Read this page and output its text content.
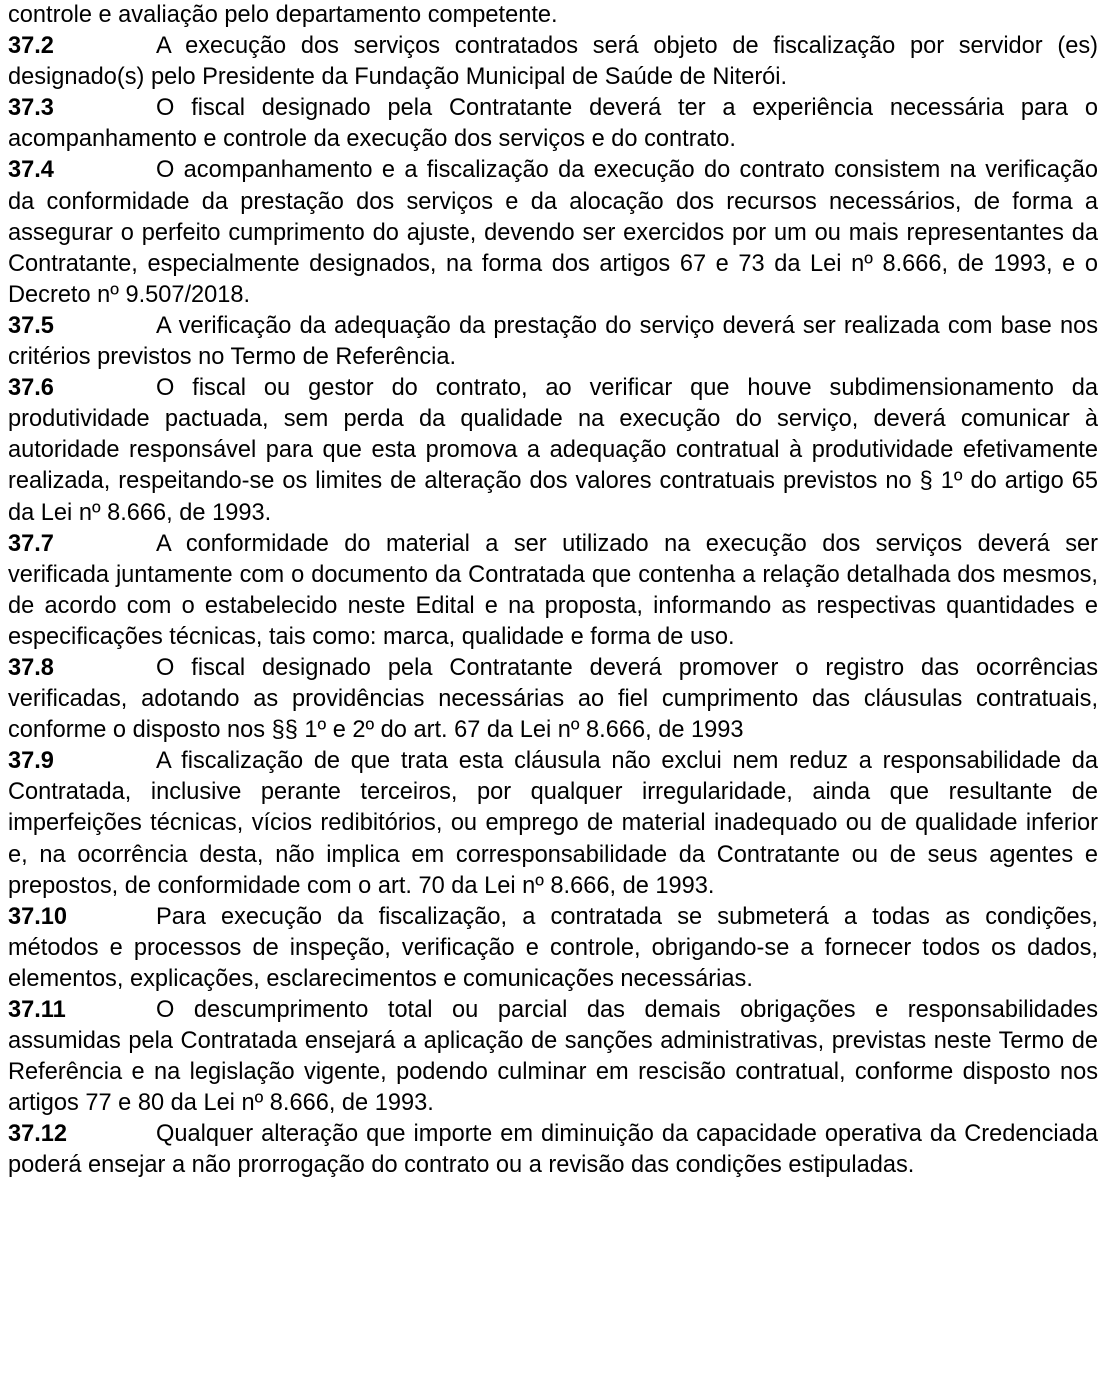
controle e avaliação pelo departamento competente.

37.2	A execução dos serviços contratados será objeto de fiscalização por servidor (es) designado(s) pelo Presidente da Fundação Municipal de Saúde de Niterói.

37.3	O fiscal designado pela Contratante deverá ter a experiência necessária para o acompanhamento e controle da execução dos serviços e do contrato.

37.4	O acompanhamento e a fiscalização da execução do contrato consistem na verificação da conformidade da prestação dos serviços e da alocação dos recursos necessários, de forma a assegurar o perfeito cumprimento do ajuste, devendo ser exercidos por um ou mais representantes da Contratante, especialmente designados, na forma dos artigos 67 e 73 da Lei nº 8.666, de 1993, e o Decreto nº 9.507/2018.

37.5	A verificação da adequação da prestação do serviço deverá ser realizada com base nos critérios previstos no Termo de Referência.

37.6	O fiscal ou gestor do contrato, ao verificar que houve subdimensionamento da produtividade pactuada, sem perda da qualidade na execução do serviço, deverá comunicar à autoridade responsável para que esta promova a adequação contratual à produtividade efetivamente realizada, respeitando-se os limites de alteração dos valores contratuais previstos no § 1º do artigo 65 da Lei nº 8.666, de 1993.

37.7	A conformidade do material a ser utilizado na execução dos serviços deverá ser verificada juntamente com o documento da Contratada que contenha a relação detalhada dos mesmos, de acordo com o estabelecido neste Edital e na proposta, informando as respectivas quantidades e especificações técnicas, tais como: marca, qualidade e forma de uso.

37.8	O fiscal designado pela Contratante deverá promover o registro das ocorrências verificadas, adotando as providências necessárias ao fiel cumprimento das cláusulas contratuais, conforme o disposto nos §§ 1º e 2º do art. 67 da Lei nº 8.666, de 1993

37.9	A fiscalização de que trata esta cláusula não exclui nem reduz a responsabilidade da Contratada, inclusive perante terceiros, por qualquer irregularidade, ainda que resultante de imperfeições técnicas, vícios redibitórios, ou emprego de material inadequado ou de qualidade inferior e, na ocorrência desta, não implica em corresponsabilidade da Contratante ou de seus agentes e prepostos, de conformidade com o art. 70 da Lei nº 8.666, de 1993.

37.10	Para execução da fiscalização, a contratada se submeterá a todas as condições, métodos e processos de inspeção, verificação e controle, obrigando-se a fornecer todos os dados, elementos, explicações, esclarecimentos e comunicações necessárias.

37.11	O descumprimento total ou parcial das demais obrigações e responsabilidades assumidas pela Contratada ensejará a aplicação de sanções administrativas, previstas neste Termo de Referência e na legislação vigente, podendo culminar em rescisão contratual, conforme disposto nos artigos 77 e 80 da Lei nº 8.666, de 1993.

37.12	Qualquer alteração que importe em diminuição da capacidade operativa da Credenciada poderá ensejar a não prorrogação do contrato ou a revisão das condições estipuladas.
